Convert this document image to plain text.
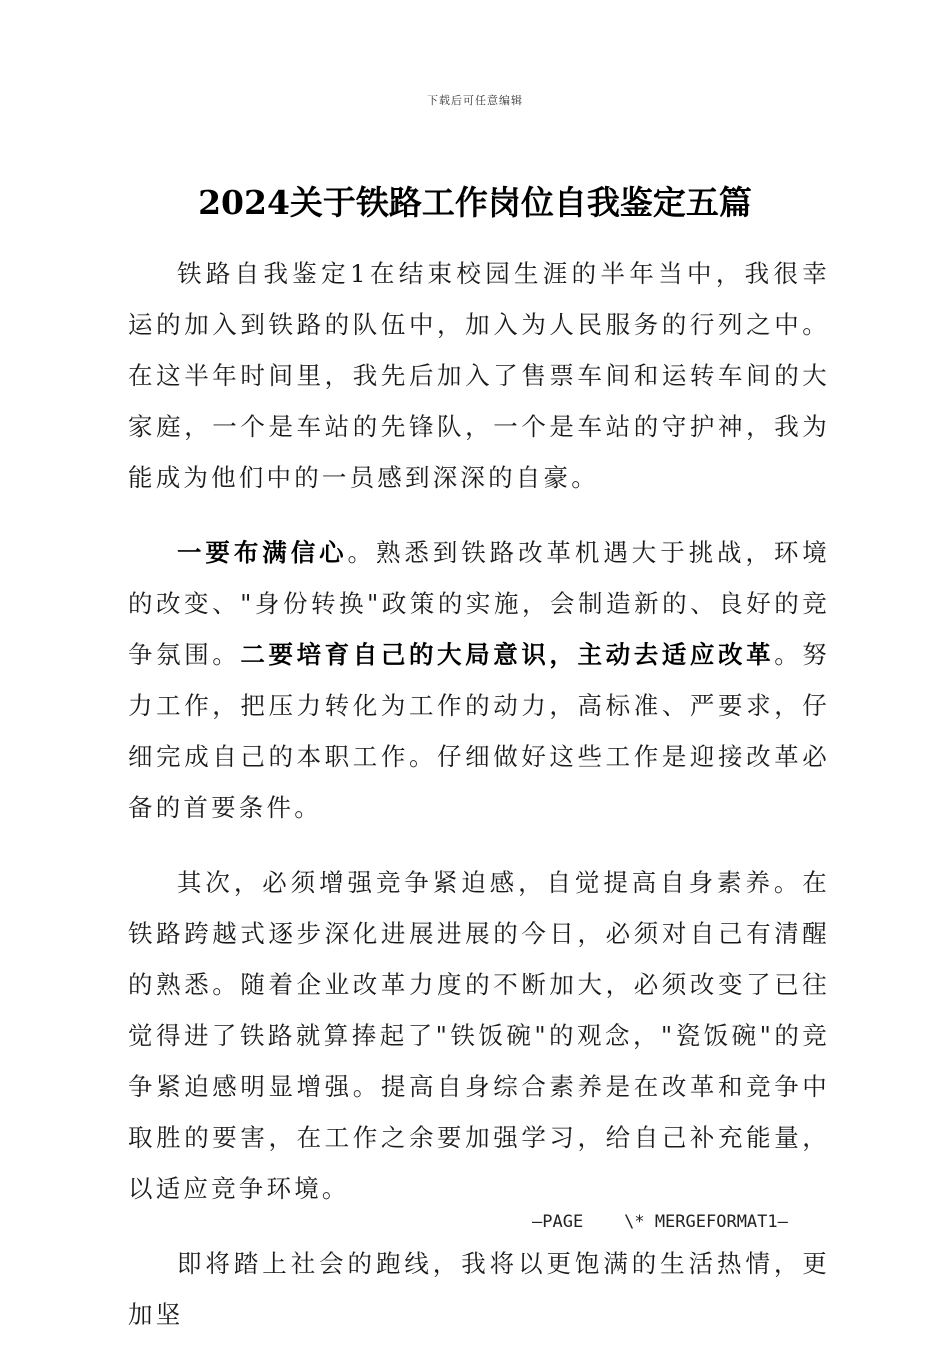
下载后可任意编辑
2024关于铁路工作岗位自我鉴定五篇

铁路自我鉴定1在结束校园生涯的半年当中，我很幸运的加入到铁路的队伍中，加入为人民服务的行列之中。在这半年时间里，我先后加入了售票车间和运转车间的大家庭，一个是车站的先锋队，一个是车站的守护神，我为能成为他们中的一员感到深深的自豪。

一要布满信心。熟悉到铁路改革机遇大于挑战，环境的改变、"身份转换"政策的实施，会制造新的、良好的竞争氛围。二要培育自己的大局意识，主动去适应改革。努力工作，把压力转化为工作的动力，高标准、严要求，仔细完成自己的本职工作。仔细做好这些工作是迎接改革必备的首要条件。

其次，必须增强竞争紧迫感，自觉提高自身素养。在铁路跨越式逐步深化进展进展的今日，必须对自己有清醒的熟悉。随着企业改革力度的不断加大，必须改变了已往觉得进了铁路就算捧起了"铁饭碗"的观念，"瓷饭碗"的竞争紧迫感明显增强。提高自身综合素养是在改革和竞争中取胜的要害，在工作之余要加强学习，给自己补充能量，以适应竞争环境。

即将踏上社会的跑线，我将以更饱满的生活热情，更加坚

—PAGE    \* MERGEFORMAT1—
